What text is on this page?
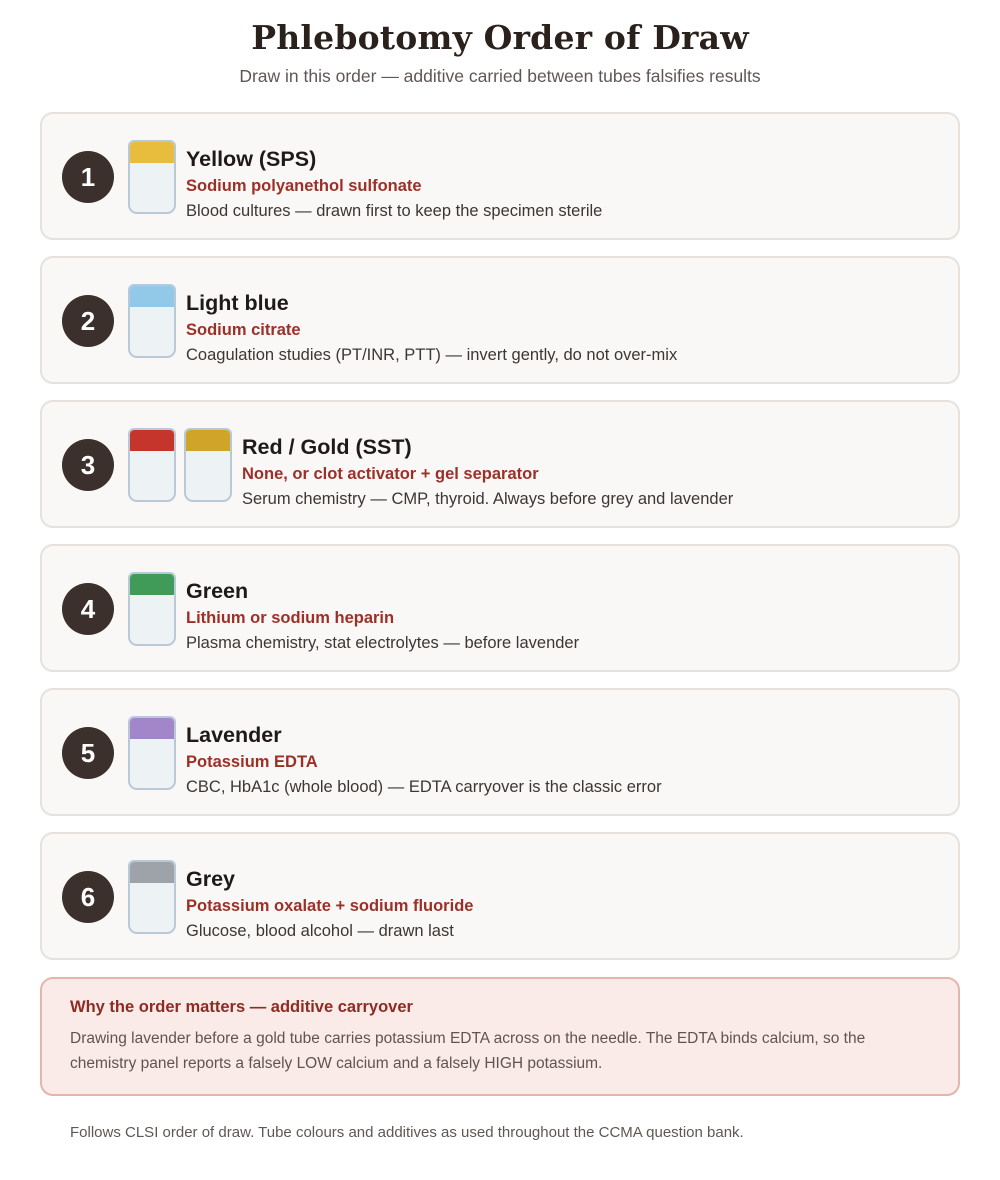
Phlebotomy Order of Draw
Draw in this order — additive carried between tubes falsifies results
1
Yellow (SPS)
Sodium polyanethol sulfonate
Blood cultures — drawn first to keep the specimen sterile
2
Light blue
Sodium citrate
Coagulation studies (PT/INR, PTT) — invert gently, do not over-mix
3
Red / Gold (SST)
None, or clot activator + gel separator
Serum chemistry — CMP, thyroid. Always before grey and lavender
4
Green
Lithium or sodium heparin
Plasma chemistry, stat electrolytes — before lavender
5
Lavender
Potassium EDTA
CBC, HbA1c (whole blood) — EDTA carryover is the classic error
6
Grey
Potassium oxalate + sodium fluoride
Glucose, blood alcohol — drawn last
Why the order matters — additive carryover
Drawing lavender before a gold tube carries potassium EDTA across on the needle. The EDTA binds calcium, so the chemistry panel reports a falsely LOW calcium and a falsely HIGH potassium.
Follows CLSI order of draw. Tube colours and additives as used throughout the CCMA question bank.
